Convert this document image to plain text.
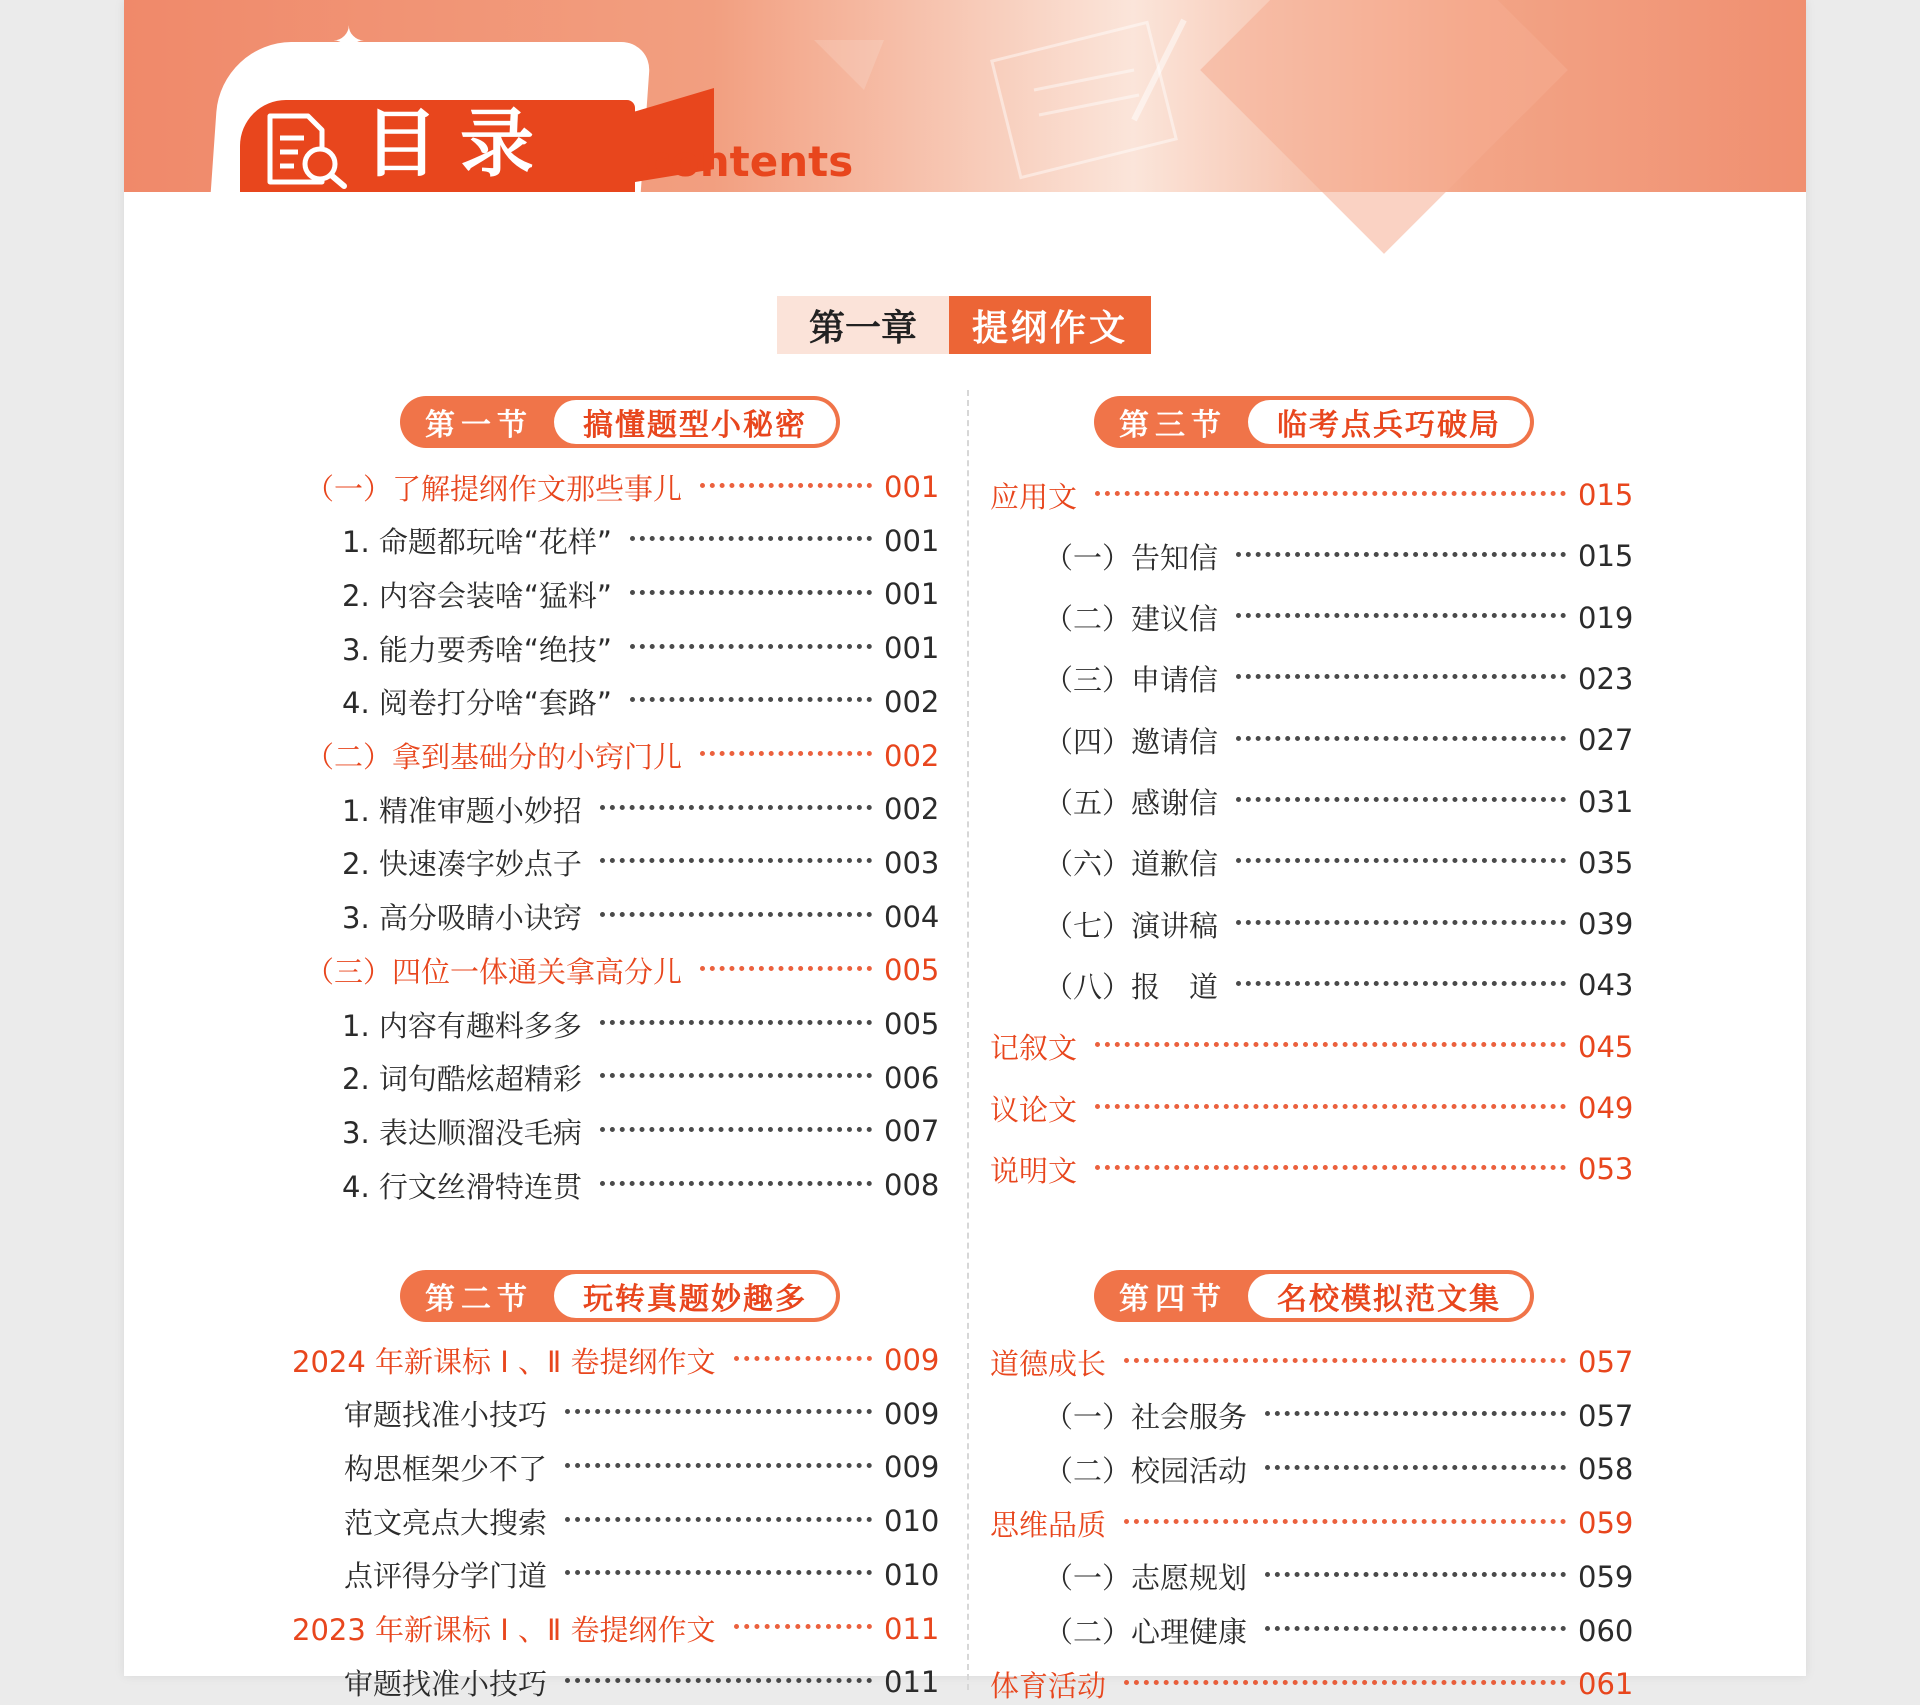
目录 contents
✦
✦ ✦
第一章	提纲作文
第一节	搞懂题型小秘密
第二节	玩转真题妙趣多
第三节	临考点兵巧破局
第四节	名校模拟范文集
（一）了解提纲作文那些事儿	001
1. 命题都玩啥“花样”	001
2. 内容会装啥“猛料”	001
3. 能力要秀啥“绝技”	001
4. 阅卷打分啥“套路”	002
（二）拿到基础分的小窍门儿	002
1. 精准审题小妙招	002
2. 快速凑字妙点子	003
3. 高分吸睛小诀窍	004
（三）四位一体通关拿高分儿	005
1. 内容有趣料多多	005
2. 词句酷炫超精彩	006
3. 表达顺溜没毛病	007
4. 行文丝滑特连贯	008
2024 年新课标 Ⅰ 、Ⅱ 卷提纲作文	009
审题找准小技巧	009
构思框架少不了	009
范文亮点大搜索	010
点评得分学门道	010
2023 年新课标 Ⅰ 、Ⅱ 卷提纲作文	011
审题找准小技巧	011
应用文	015
（一）告知信	015
（二）建议信	019
（三）申请信	023
（四）邀请信	027
（五）感谢信	031
（六）道歉信	035
（七）演讲稿	039
（八）报　道	043
记叙文	045
议论文	049
说明文	053
道德成长	057
（一）社会服务	057
（二）校园活动	058
思维品质	059
（一）志愿规划	059
（二）心理健康	060
体育活动	061
